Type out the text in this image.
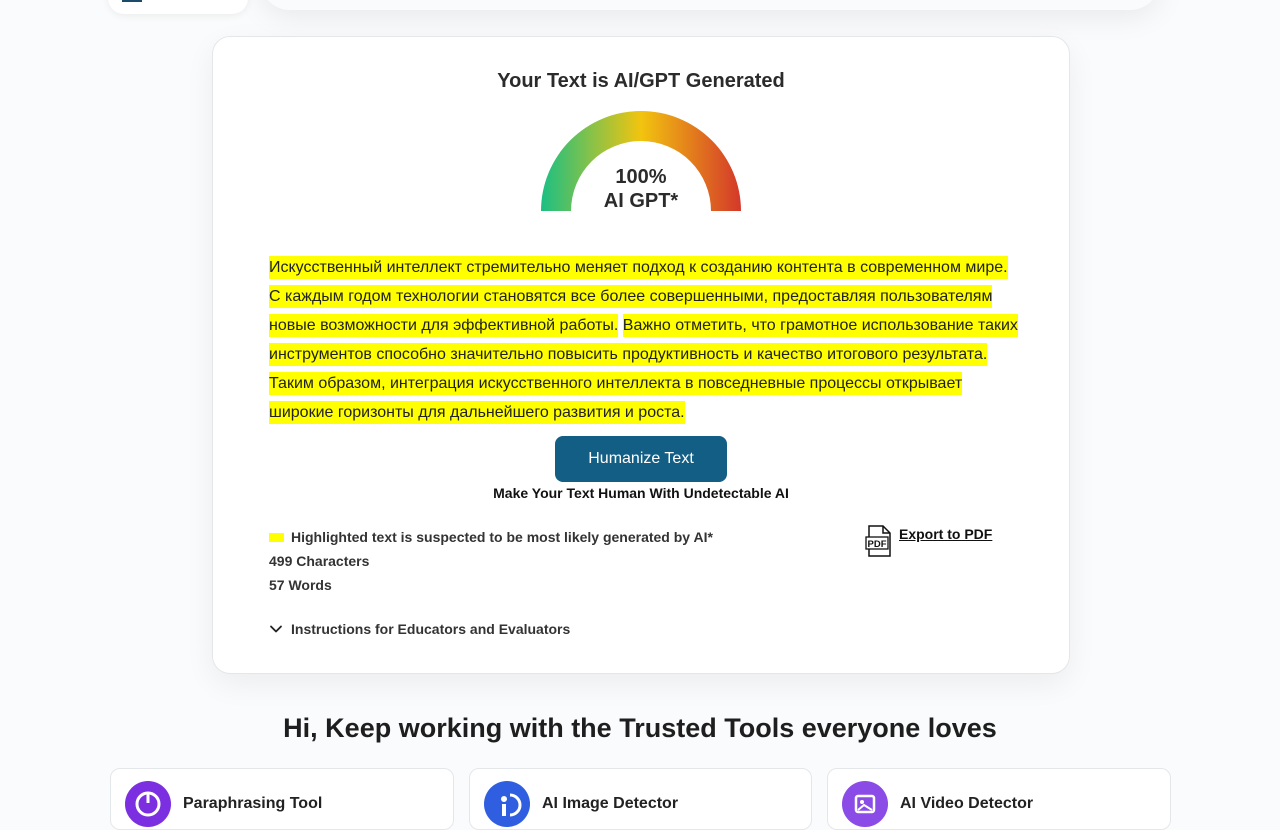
Your Text is AI/GPT Generated
100%
AI GPT*
Искусственный интеллект стремительно меняет подход к созданию контента в современном мире. С каждым годом технологии становятся все более совершенными, предоставляя пользователям новые возможности для эффективной работы. Важно отметить, что грамотное использование таких инструментов способно значительно повысить продуктивность и качество итогового результата. Таким образом, интеграция искусственного интеллекта в повседневные процессы открывает широкие горизонты для дальнейшего развития и роста.
Humanize Text
Make Your Text Human With Undetectable AI
Highlighted text is suspected to be most likely generated by AI*
499 Characters
57 Words
PDF
Export to PDF
Instructions for Educators and Evaluators
Hi, Keep working with the Trusted Tools everyone loves
Paraphrasing Tool	AI Image Detector	AI Video Detector
